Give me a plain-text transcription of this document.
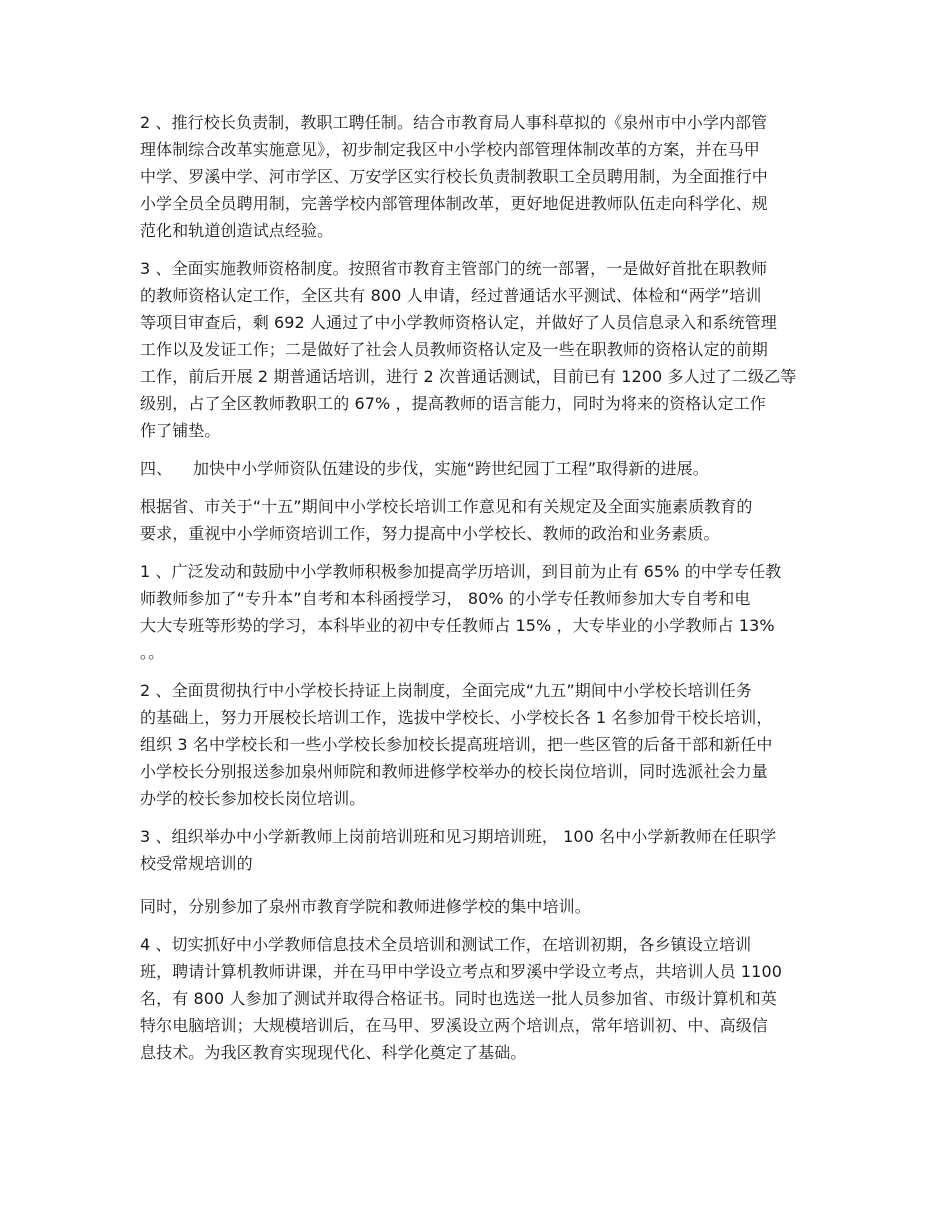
2 、推行校长负责制，教职工聘任制。结合市教育局人事科草拟的《泉州市中小学内部管
理体制综合改革实施意见》，初步制定我区中小学校内部管理体制改革的方案，并在马甲
中学、罗溪中学、河市学区、万安学区实行校长负责制教职工全员聘用制，为全面推行中
小学全员全员聘用制，完善学校内部管理体制改革，更好地促进教师队伍走向科学化、规
范化和轨道创造试点经验。
3 、全面实施教师资格制度。按照省市教育主管部门的统一部署，一是做好首批在职教师
的教师资格认定工作，全区共有 800 人申请，经过普通话水平测试、体检和“两学”培训
等项目审查后，剩 692 人通过了中小学教师资格认定，并做好了人员信息录入和系统管理
工作以及发证工作；二是做好了社会人员教师资格认定及一些在职教师的资格认定的前期
工作，前后开展 2 期普通话培训，进行 2 次普通话测试，目前已有 1200 多人过了二级乙等
级别，占了全区教师教职工的 67% ，提高教师的语言能力，同时为将来的资格认定工作
作了铺垫。
四、    加快中小学师资队伍建设的步伐，实施“跨世纪园丁工程”取得新的进展。
根据省、市关于“十五”期间中小学校长培训工作意见和有关规定及全面实施素质教育的
要求，重视中小学师资培训工作，努力提高中小学校长、教师的政治和业务素质。
1 、广泛发动和鼓励中小学教师积极参加提高学历培训，到目前为止有 65% 的中学专任教
师教师参加了“专升本”自考和本科函授学习， 80% 的小学专任教师参加大专自考和电
大大专班等形势的学习，本科毕业的初中专任教师占 15% ，大专毕业的小学教师占 13%
。。
2 、全面贯彻执行中小学校长持证上岗制度，全面完成“九五”期间中小学校长培训任务
的基础上，努力开展校长培训工作，选拔中学校长、小学校长各 1 名参加骨干校长培训，
组织 3 名中学校长和一些小学校长参加校长提高班培训，把一些区管的后备干部和新任中
小学校长分别报送参加泉州师院和教师进修学校举办的校长岗位培训，同时选派社会力量
办学的校长参加校长岗位培训。
3 、组织举办中小学新教师上岗前培训班和见习期培训班， 100 名中小学新教师在任职学
校受常规培训的
同时，分别参加了泉州市教育学院和教师进修学校的集中培训。
4 、切实抓好中小学教师信息技术全员培训和测试工作，在培训初期，各乡镇设立培训
班，聘请计算机教师讲课，并在马甲中学设立考点和罗溪中学设立考点，共培训人员 1100
名，有 800 人参加了测试并取得合格证书。同时也选送一批人员参加省、市级计算机和英
特尔电脑培训；大规模培训后，在马甲、罗溪设立两个培训点，常年培训初、中、高级信
息技术。为我区教育实现现代化、科学化奠定了基础。
